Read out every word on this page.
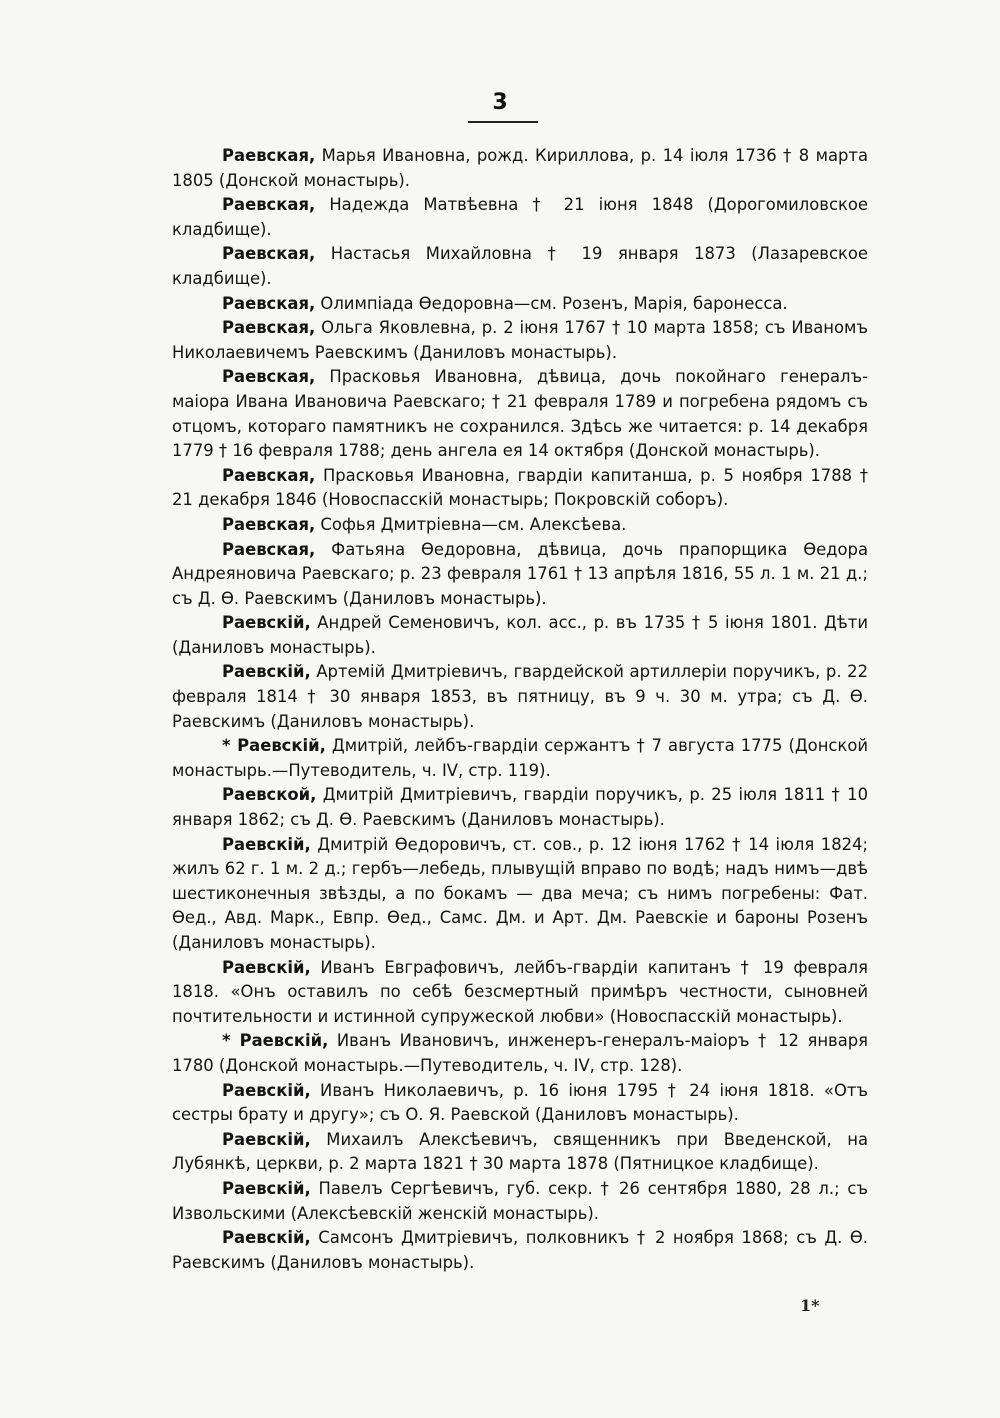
3

Раевская, Марья Ивановна, рожд. Кириллова, р. 14 іюля 1736 † 8 марта 1805 (Донской монастырь).

Раевская, Надежда Матвѣевна † 21 іюня 1848 (Дорогомиловское кладбище).

Раевская, Настасья Михайловна † 19 января 1873 (Лазаревское кладбище).

Раевская, Олимпіада Ѳедоровна—см. Розенъ, Марія, баронесса.

Раевская, Ольга Яковлевна, р. 2 іюня 1767 † 10 марта 1858; съ Иваномъ Николаевичемъ Раевскимъ (Даниловъ монастырь).

Раевская, Прасковья Ивановна, дѣвица, дочь покойнаго генералъ-маіора Ивана Ивановича Раевскаго; † 21 февраля 1789 и погребена рядомъ съ отцомъ, котораго памятникъ не сохранился. Здѣсь же читается: р. 14 декабря 1779 † 16 февраля 1788; день ангела ея 14 октября (Донской монастырь).

Раевская, Прасковья Ивановна, гвардіи капитанша, р. 5 ноября 1788 † 21 декабря 1846 (Новоспасскій монастырь; Покровскій соборъ).

Раевская, Софья Дмитріевна—см. Алексѣева.

Раевская, Фатьяна Ѳедоровна, дѣвица, дочь прапорщика Ѳедора Андреяновича Раевскаго; р. 23 февраля 1761 † 13 апрѣля 1816, 55 л. 1 м. 21 д.; съ Д. Ѳ. Раевскимъ (Даниловъ монастырь).

Раевскій, Андрей Семеновичъ, кол. асс., р. въ 1735 † 5 іюня 1801. Дѣти (Даниловъ монастырь).

Раевскій, Артемій Дмитріевичъ, гвардейской артиллеріи поручикъ, р. 22 февраля 1814 † 30 января 1853, въ пятницу, въ 9 ч. 30 м. утра; съ Д. Ѳ. Раевскимъ (Даниловъ монастырь).

* Раевскій, Дмитрій, лейбъ-гвардіи сержантъ † 7 августа 1775 (Донской монастырь.—Путеводитель, ч. IV, стр. 119).

Раевской, Дмитрій Дмитріевичъ, гвардіи поручикъ, р. 25 іюля 1811 † 10 января 1862; съ Д. Ѳ. Раевскимъ (Даниловъ монастырь).

Раевскій, Дмитрій Ѳедоровичъ, ст. сов., р. 12 іюня 1762 † 14 іюля 1824; жилъ 62 г. 1 м. 2 д.; гербъ—лебедь, плывущій вправо по водѣ; надъ нимъ—двѣ шестиконечныя звѣзды, а по бокамъ — два меча; съ нимъ погребены: Фат. Ѳед., Авд. Марк., Евпр. Ѳед., Самс. Дм. и Арт. Дм. Раевскіе и бароны Розенъ (Даниловъ монастырь).

Раевскій, Иванъ Евграфовичъ, лейбъ-гвардіи капитанъ † 19 февраля 1818. «Онъ оставилъ по себѣ безсмертный примѣръ честности, сыновней почтительности и истинной супружеской любви» (Новоспасскій монастырь).

* Раевскій, Иванъ Ивановичъ, инженеръ-генералъ-маіоръ † 12 января 1780 (Донской монастырь.—Путеводитель, ч. IV, стр. 128).

Раевскій, Иванъ Николаевичъ, р. 16 іюня 1795 † 24 іюня 1818. «Отъ сестры брату и другу»; съ О. Я. Раевской (Даниловъ монастырь).

Раевскій, Михаилъ Алексѣевичъ, священникъ при Введенской, на Лубянкѣ, церкви, р. 2 марта 1821 † 30 марта 1878 (Пятницкое кладбище).

Раевскій, Павелъ Сергѣевичъ, губ. секр. † 26 сентября 1880, 28 л.; съ Извольскими (Алексѣевскій женскій монастырь).

Раевскій, Самсонъ Дмитріевичъ, полковникъ † 2 ноября 1868; съ Д. Ѳ. Раевскимъ (Даниловъ монастырь).

1*
